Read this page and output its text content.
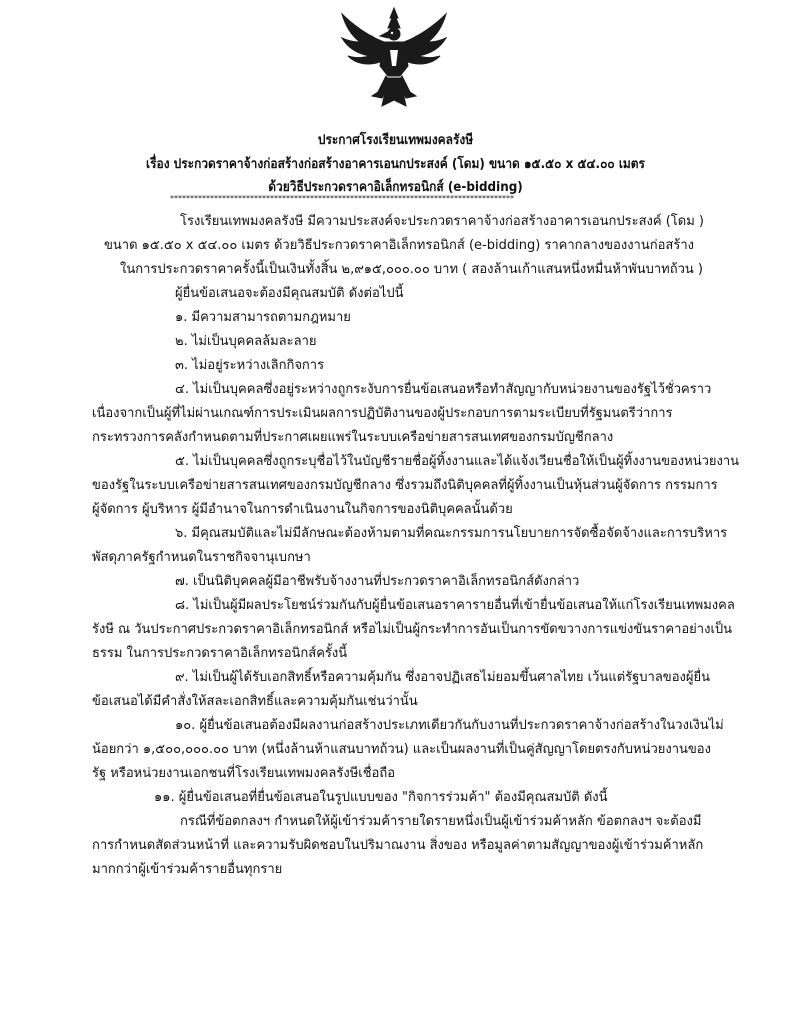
ประกาศโรงเรียนเทพมงคลรังษี
เรื่อง ประกวดราคาจ้างก่อสร้างก่อสร้างอาคารเอนกประสงค์ (โดม) ขนาด ๑๕.๕๐ x ๕๔.๐๐ เมตร
ด้วยวิธีประกวดราคาอิเล็กทรอนิกส์ (e-bidding)
**************************************************************************************
โรงเรียนเทพมงคลรังษี มีความประสงค์จะประกวดราคาจ้างก่อสร้างอาคารเอนกประสงค์ (โดม )
ขนาด ๑๕.๕๐ x ๕๔.๐๐ เมตร ด้วยวิธีประกวดราคาอิเล็กทรอนิกส์ (e-bidding) ราคากลางของงานก่อสร้าง
ในการประกวดราคาครั้งนี้เป็นเงินทั้งสิ้น ๒,๙๑๕,๐๐๐.๐๐ บาท ( สองล้านเก้าแสนหนึ่งหมื่นห้าพันบาทถ้วน )
ผู้ยื่นข้อเสนอจะต้องมีคุณสมบัติ ดังต่อไปนี้
๑. มีความสามารถตามกฎหมาย
๒. ไม่เป็นบุคคลล้มละลาย
๓. ไม่อยู่ระหว่างเลิกกิจการ
๔. ไม่เป็นบุคคลซึ่งอยู่ระหว่างถูกระงับการยื่นข้อเสนอหรือทำสัญญากับหน่วยงานของรัฐไว้ชั่วคราว
เนื่องจากเป็นผู้ที่ไม่ผ่านเกณฑ์การประเมินผลการปฏิบัติงานของผู้ประกอบการตามระเบียบที่รัฐมนตรีว่าการ
กระทรวงการคลังกำหนดตามที่ประกาศเผยแพร่ในระบบเครือข่ายสารสนเทศของกรมบัญชีกลาง
๕. ไม่เป็นบุคคลซึ่งถูกระบุชื่อไว้ในบัญชีรายชื่อผู้ทิ้งงานและได้แจ้งเวียนชื่อให้เป็นผู้ทิ้งงานของหน่วยงาน
ของรัฐในระบบเครือข่ายสารสนเทศของกรมบัญชีกลาง ซึ่งรวมถึงนิติบุคคลที่ผู้ทิ้งงานเป็นหุ้นส่วนผู้จัดการ กรรมการ
ผู้จัดการ ผู้บริหาร ผู้มีอำนาจในการดำเนินงานในกิจการของนิติบุคคลนั้นด้วย
๖. มีคุณสมบัติและไม่มีลักษณะต้องห้ามตามที่คณะกรรมการนโยบายการจัดซื้อจัดจ้างและการบริหาร
พัสดุภาครัฐกำหนดในราชกิจจานุเบกษา
๗. เป็นนิติบุคคลผู้มีอาชีพรับจ้างงานที่ประกวดราคาอิเล็กทรอนิกส์ดังกล่าว
๘. ไม่เป็นผู้มีผลประโยชน์ร่วมกันกับผู้ยื่นข้อเสนอราคารายอื่นที่เข้ายื่นข้อเสนอให้แก่โรงเรียนเทพมงคล
รังษี ณ วันประกาศประกวดราคาอิเล็กทรอนิกส์ หรือไม่เป็นผู้กระทำการอันเป็นการขัดขวางการแข่งขันราคาอย่างเป็น
ธรรม ในการประกวดราคาอิเล็กทรอนิกส์ครั้งนี้
๙. ไม่เป็นผู้ได้รับเอกสิทธิ์หรือความคุ้มกัน ซึ่งอาจปฏิเสธไม่ยอมขึ้นศาลไทย เว้นแต่รัฐบาลของผู้ยื่น
ข้อเสนอได้มีคำสั่งให้สละเอกสิทธิ์และความคุ้มกันเช่นว่านั้น
๑๐. ผู้ยื่นข้อเสนอต้องมีผลงานก่อสร้างประเภทเดียวกันกับงานที่ประกวดราคาจ้างก่อสร้างในวงเงินไม่
น้อยกว่า ๑,๕๐๐,๐๐๐.๐๐ บาท (หนึ่งล้านห้าแสนบาทถ้วน) และเป็นผลงานที่เป็นคู่สัญญาโดยตรงกับหน่วยงานของ
รัฐ หรือหน่วยงานเอกชนที่โรงเรียนเทพมงคลรังษีเชื่อถือ
๑๑. ผู้ยื่นข้อเสนอที่ยื่นข้อเสนอในรูปแบบของ "กิจการร่วมค้า" ต้องมีคุณสมบัติ ดังนี้
กรณีที่ข้อตกลงฯ กำหนดให้ผู้เข้าร่วมค้ารายใดรายหนึ่งเป็นผู้เข้าร่วมค้าหลัก ข้อตกลงฯ จะต้องมี
การกำหนดสัดส่วนหน้าที่ และความรับผิดชอบในปริมาณงาน สิ่งของ หรือมูลค่าตามสัญญาของผู้เข้าร่วมค้าหลัก
มากกว่าผู้เข้าร่วมค้ารายอื่นทุกราย
